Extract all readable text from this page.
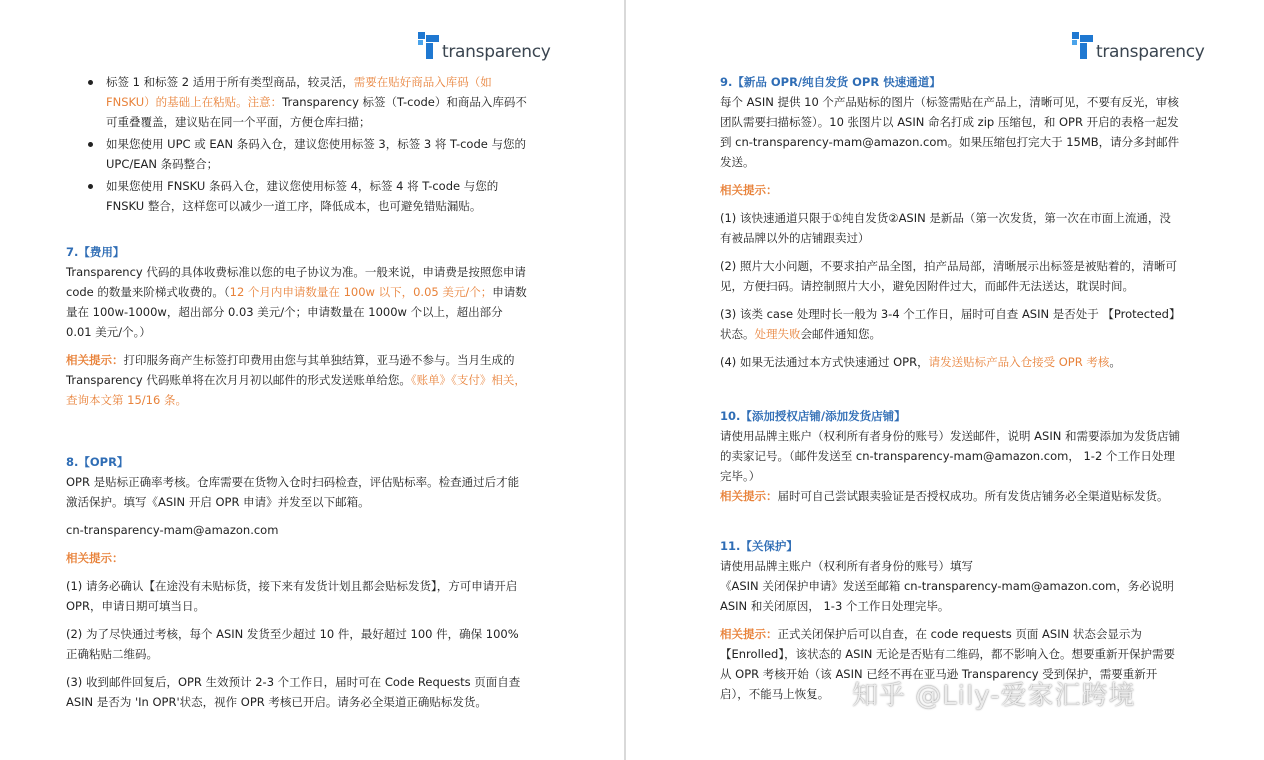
transparency
标签 1 和标签 2 适用于所有类型商品，较灵活，需要在贴好商品入库码（如 FNSKU）的基础上在粘贴。注意：Transparency 标签（T-code）和商品入库码不可重叠覆盖，建议贴在同一个平面，方便仓库扫描；
如果您使用 UPC 或 EAN 条码入仓，建议您使用标签 3，标签 3 将 T-code 与您的 UPC/EAN 条码整合；
如果您使用 FNSKU 条码入仓，建议您使用标签 4，标签 4 将 T-code 与您的 FNSKU 整合，这样您可以减少一道工序，降低成本，也可避免错贴漏贴。

7.【费用】

Transparency 代码的具体收费标准以您的电子协议为准。一般来说，申请费是按照您申请 code 的数量来阶梯式收费的。（12 个月内申请数量在 100w 以下，0.05 美元/个；申请数量在 100w-1000w，超出部分 0.03 美元/个；申请数量在 1000w 个以上，超出部分 0.01 美元/个。）

相关提示：打印服务商产生标签打印费用由您与其单独结算，亚马逊不参与。当月生成的 Transparency 代码账单将在次月月初以邮件的形式发送账单给您。《账单》《支付》相关，查询本文第 15/16 条。

8.【OPR】

OPR 是贴标正确率考核。仓库需要在货物入仓时扫码检查，评估贴标率。检查通过后才能激活保护。填写《ASIN 开启 OPR 申请》并发至以下邮箱。

cn-transparency-mam@amazon.com

相关提示：

(1) 请务必确认【在途没有未贴标货，接下来有发货计划且都会贴标发货】，方可申请开启 OPR，申请日期可填当日。

(2) 为了尽快通过考核，每个 ASIN 发货至少超过 10 件，最好超过 100 件，确保 100%正确粘贴二维码。

(3) 收到邮件回复后，OPR 生效预计 2-3 个工作日，届时可在 Code Requests 页面自查 ASIN 是否为 'In OPR'状态，视作 OPR 考核已开启。请务必全渠道正确贴标发货。

transparency

9.【新品 OPR/纯自发货 OPR 快速通道】

每个 ASIN 提供 10 个产品贴标的图片（标签需贴在产品上，清晰可见，不要有反光，审核团队需要扫描标签）。10 张图片以 ASIN 命名打成 zip 压缩包，和 OPR 开启的表格一起发到 cn-transparency-mam@amazon.com。如果压缩包打完大于 15MB，请分多封邮件发送。

相关提示：

(1) 该快速通道只限于①纯自发货②ASIN 是新品（第一次发货，第一次在市面上流通，没有被品牌以外的店铺跟卖过）

(2) 照片大小问题，不要求拍产品全图，拍产品局部，清晰展示出标签是被贴着的，清晰可见，方便扫码。请控制照片大小，避免因附件过大，而邮件无法送达，耽误时间。

(3) 该类 case 处理时长一般为 3-4 个工作日，届时可自查 ASIN 是否处于 【Protected】状态。处理失败会邮件通知您。

(4) 如果无法通过本方式快速通过 OPR，请发送贴标产品入仓接受 OPR 考核。

10.【添加授权店铺/添加发货店铺】

请使用品牌主账户（权利所有者身份的账号）发送邮件，说明 ASIN 和需要添加为发货店铺的卖家记号。（邮件发送至 cn-transparency-mam@amazon.com， 1-2 个工作日处理完毕。）

相关提示：届时可自己尝试跟卖验证是否授权成功。所有发货店铺务必全渠道贴标发货。

11.【关保护】

请使用品牌主账户（权利所有者身份的账号）填写

《ASIN 关闭保护申请》发送至邮箱 cn-transparency-mam@amazon.com，务必说明 ASIN 和关闭原因， 1-3 个工作日处理完毕。

相关提示：正式关闭保护后可以自查，在 code requests 页面 ASIN 状态会显示为【Enrolled】，该状态的 ASIN 无论是否贴有二维码，都不影响入仓。想要重新开保护需要从 OPR 考核开始（该 ASIN 已经不再在亚马逊 Transparency 受到保护，需要重新开启），不能马上恢复。 知乎 @Lily-爱家汇跨境
